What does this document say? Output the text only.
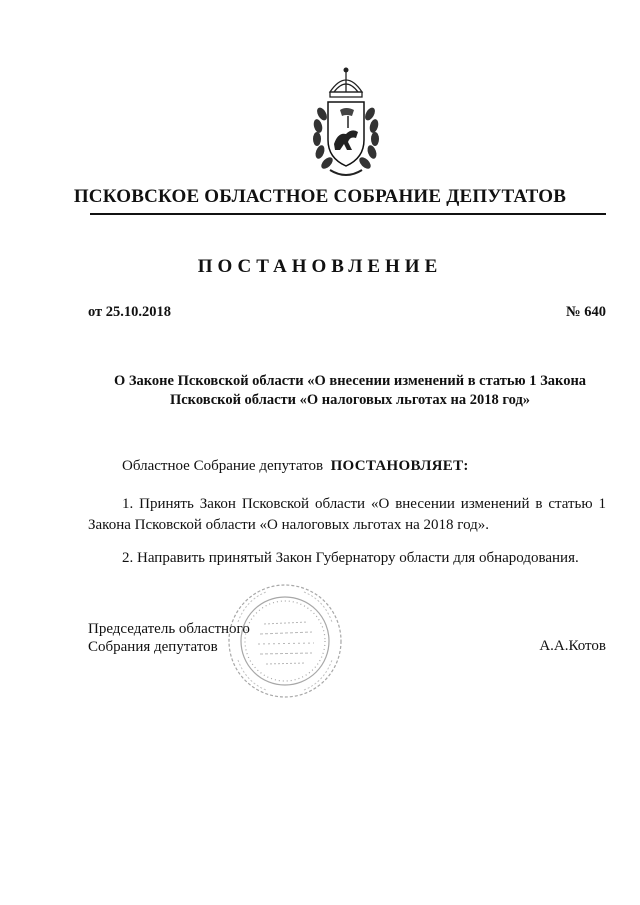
ПСКОВСКОЕ ОБЛАСТНОЕ СОБРАНИЕ ДЕПУТАТОВ
ПОСТАНОВЛЕНИЕ
от 25.10.2018	№ 640
О Законе Псковской области «О внесении изменений в статью 1 Закона
Псковской области «О налоговых льготах на 2018 год»
Областное Собрание депутатов ПОСТАНОВЛЯЕТ:
1. Принять Закон Псковской области «О внесении изменений в статью 1 Закона Псковской области «О налоговых льготах на 2018 год».
2. Направить принятый Закон Губернатору области для обнародования.
Председатель областного
Собрания депутатов	А.А.Котов
